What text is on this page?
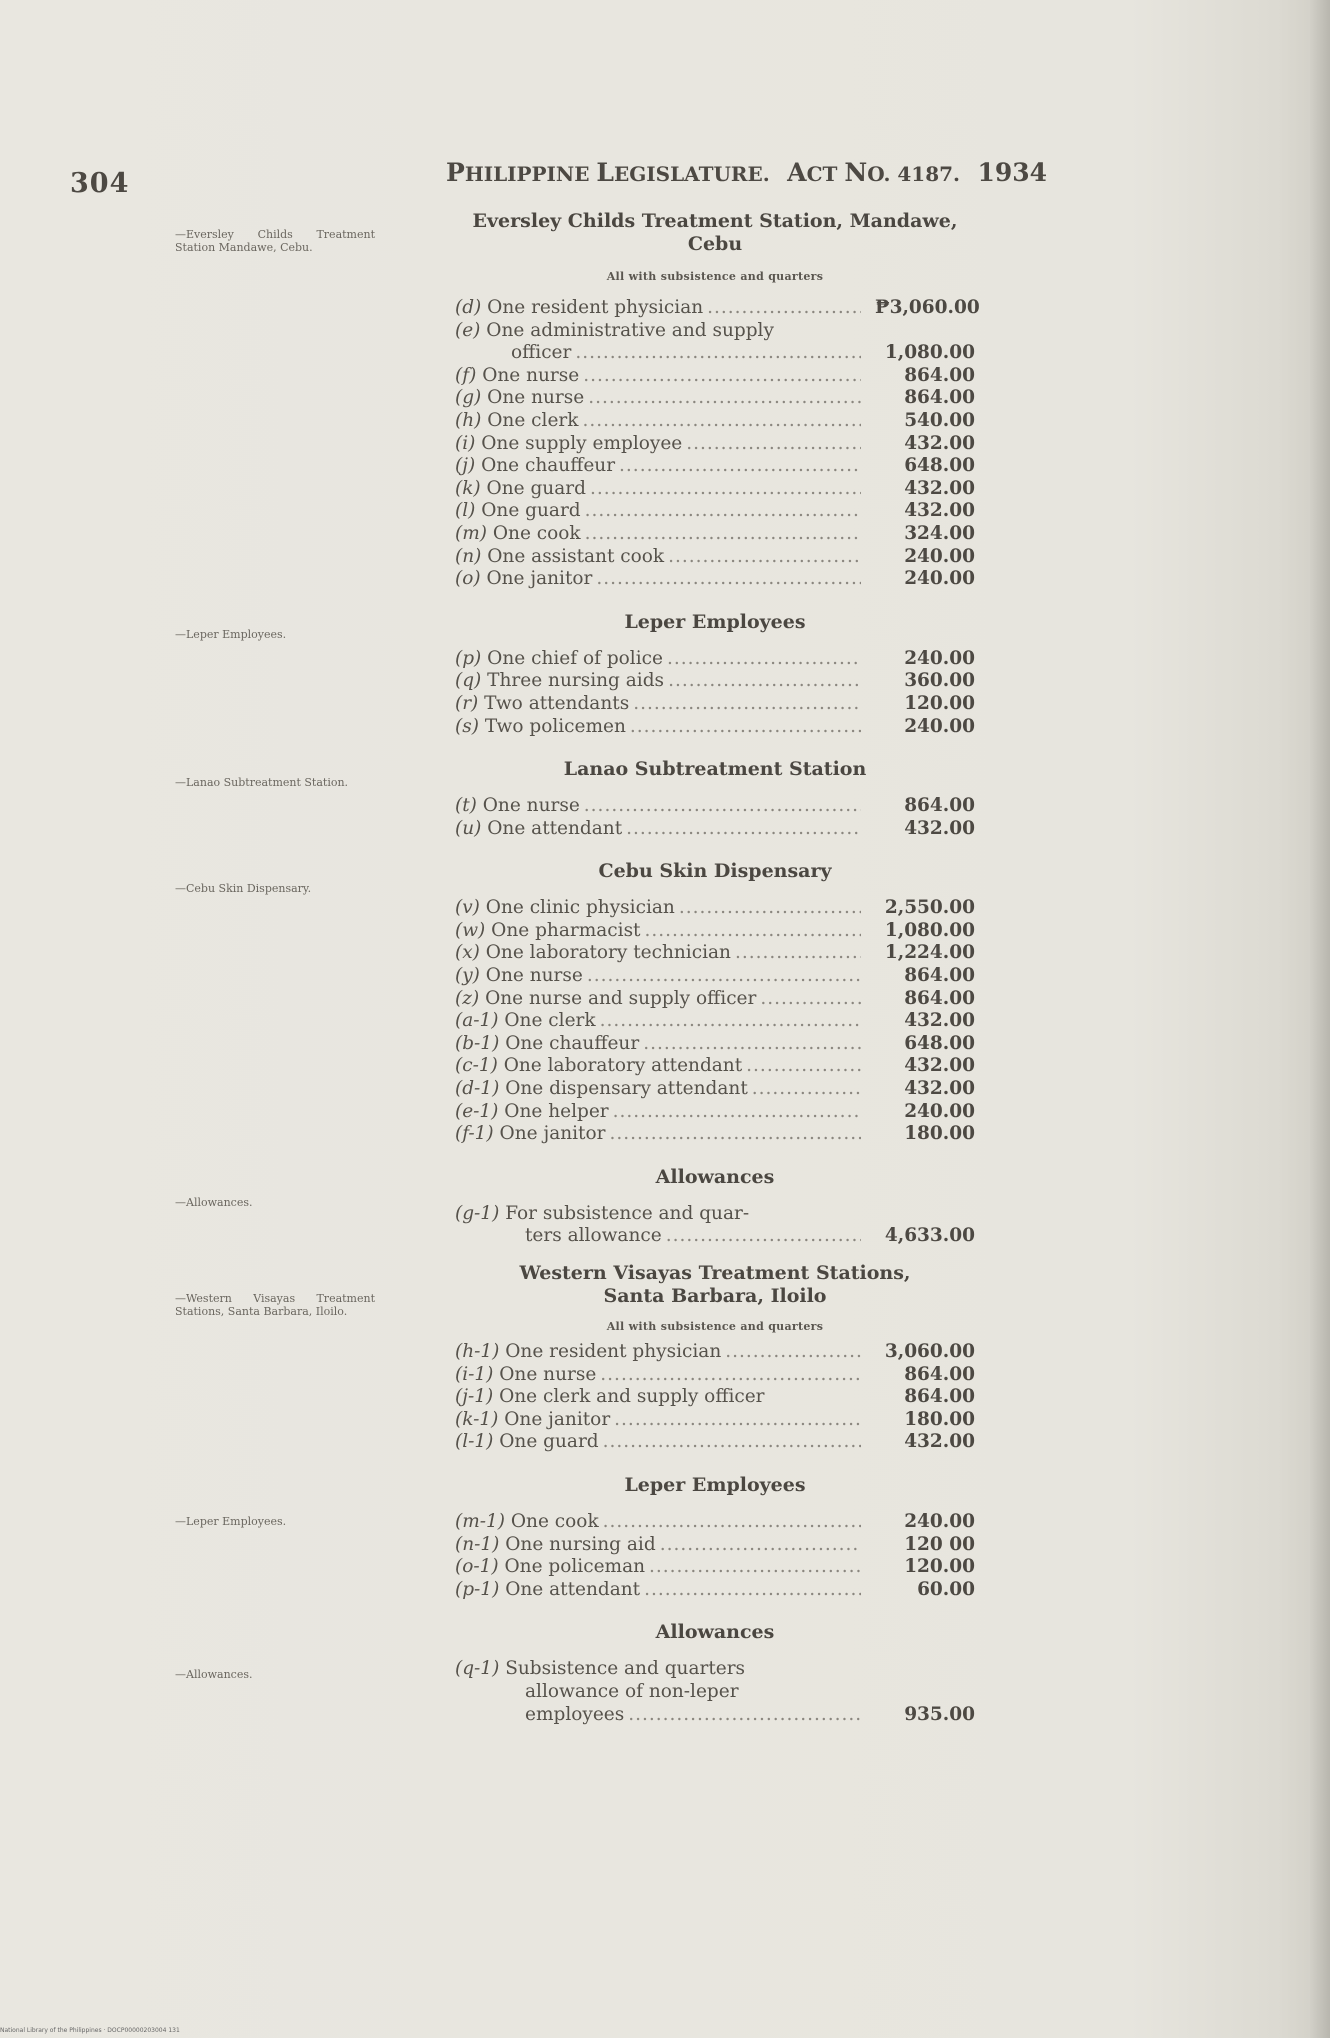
304	PHILIPPINE LEGISLATURE. ACT NO. 4187. 1934
—Eversley Childs Treatment Station Mandawe, Cebu.
—Leper Employees.
—Lanao Subtreatment Station.
—Cebu Skin Dispensary.
—Allowances.
—Western Visayas Treatment Stations, Santa Barbara, Iloilo.
—Leper Employees.
—Allowances.
Eversley Childs Treatment Station, Mandawe, Cebu
All with subsistence and quarters
(d)
One resident physician .....	₱3,060.00
(e)
One administrative and supply
officer .....	1,080.00
(f)
One nurse .....	864.00
(g)
One nurse .....	864.00
(h)
One clerk .....	540.00
(i)
One supply employee .....	432.00
(j)
One chauffeur .....	648.00
(k)
One guard .....	432.00
(l)
One guard .....	432.00
(m)
One cook .....	324.00
(n)
One assistant cook .....	240.00
(o)
One janitor .....	240.00
Leper Employees
(p)
One chief of police .....	240.00
(q)
Three nursing aids .....	360.00
(r)
Two attendants .....	120.00
(s)
Two policemen .....	240.00
Lanao Subtreatment Station
(t)
One nurse .....	864.00
(u)
One attendant .....	432.00
Cebu Skin Dispensary
(v)
One clinic physician .....	2,550.00
(w)
One pharmacist .....	1,080.00
(x)
One laboratory technician .....	1,224.00
(y)
One nurse .....	864.00
(z)
One nurse and supply officer .....	864.00
(a-1)
One clerk .....	432.00
(b-1)
One chauffeur .....	648.00
(c-1)
One laboratory attendant .....	432.00
(d-1)
One dispensary attendant .....	432.00
(e-1)
One helper .....	240.00
(f-1)
One janitor .....	180.00
Allowances
(g-1)
For subsistence and quar-
ters allowance .....	4,633.00
Western Visayas Treatment Stations,
Santa Barbara, Iloilo
All with subsistence and quarters
(h-1)
One resident physician .....	3,060.00
(i-1)
One nurse .....	864.00
(j-1)
One clerk and supply officer	864.00
(k-1)
One janitor .....	180.00
(l-1)
One guard .....	432.00
Leper Employees
(m-1)
One cook .....	240.00
(n-1)
One nursing aid .....	120 00
(o-1)
One policeman .....	120.00
(p-1)
One attendant .....	60.00
Allowances
(q-1)
Subsistence and quarters
allowance of non-leper
employees .....	935.00
National Library of the Philippines · DOCP00000203004 131
